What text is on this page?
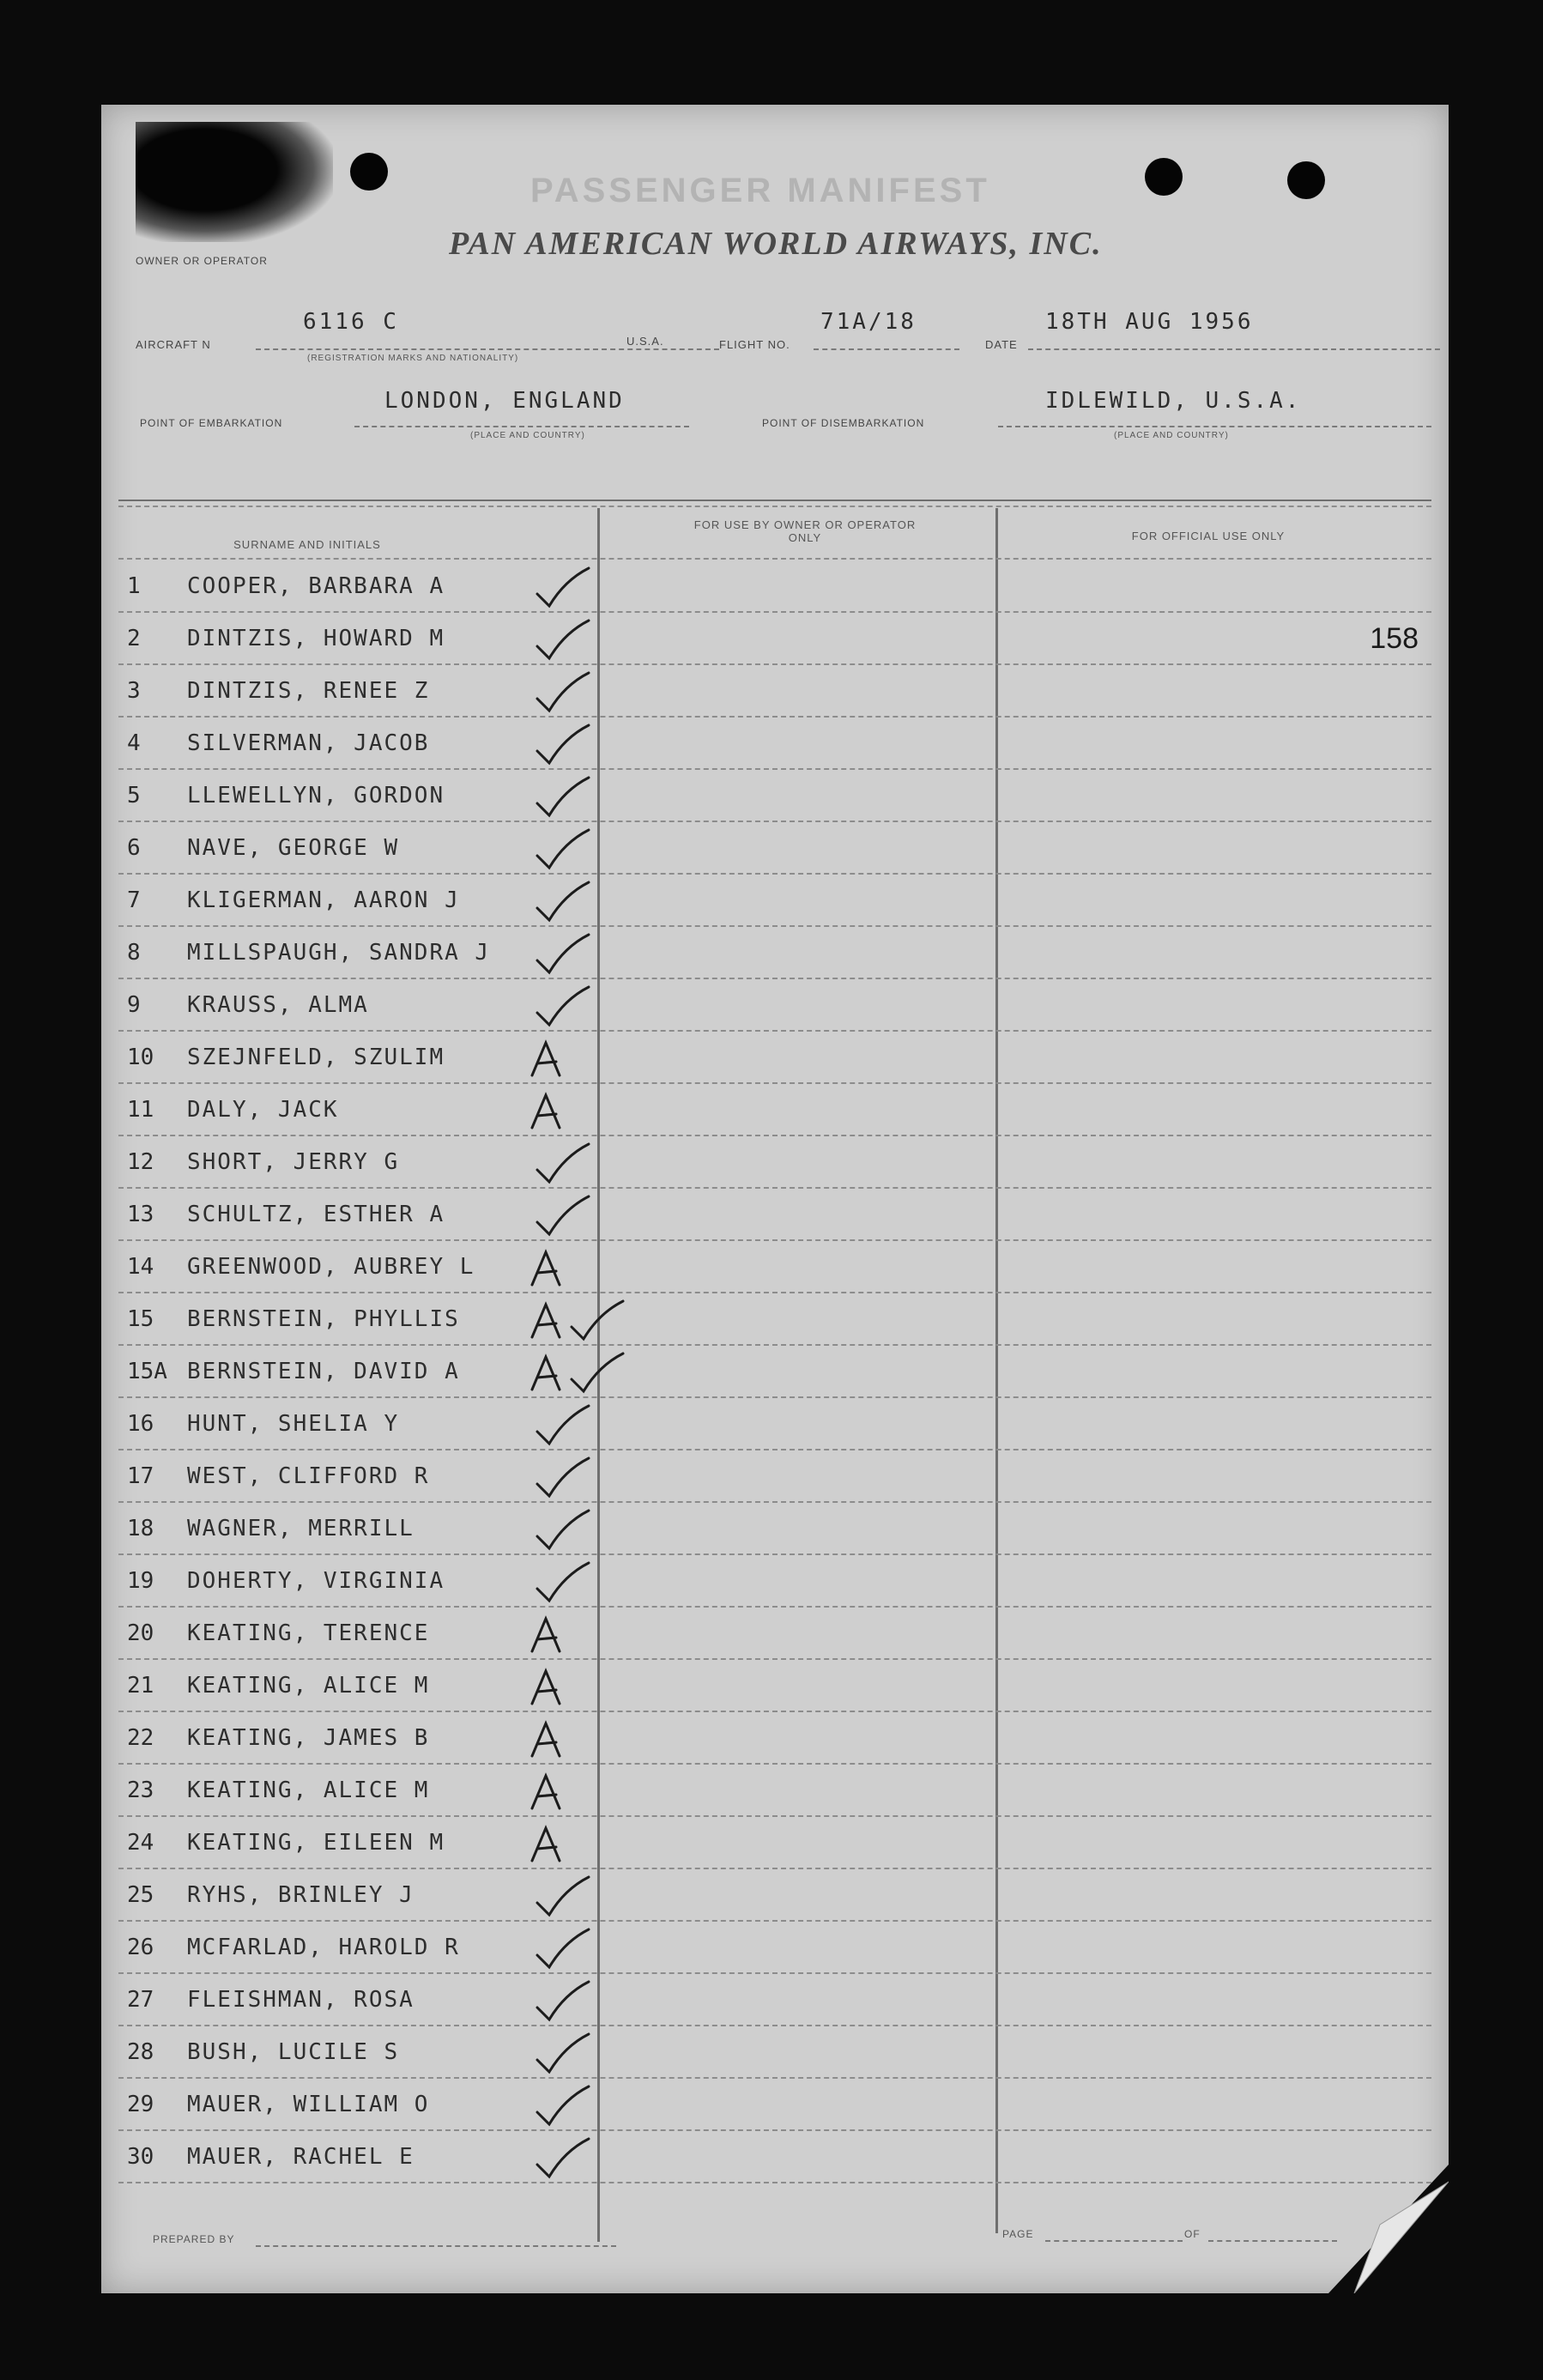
PASSENGER MANIFEST
OWNER OR OPERATOR	PAN AMERICAN WORLD AIRWAYS, INC.
AIRCRAFT N
6116 C
(REGISTRATION MARKS AND NATIONALITY)
U.S.A.	FLIGHT NO.
71A/18
DATE
18TH AUG 1956
POINT OF EMBARKATION
LONDON, ENGLAND
(PLACE AND COUNTRY)
POINT OF DISEMBARKATION
IDLEWILD, U.S.A.
(PLACE AND COUNTRY)
SURNAME AND INITIALS
FOR USE BY OWNER OR OPERATOR ONLY	FOR OFFICIAL USE ONLY
1	COOPER, BARBARA A
2	DINTZIS, HOWARD M	158
3	DINTZIS, RENEE Z
4	SILVERMAN, JACOB
5	LLEWELLYN, GORDON
6	NAVE, GEORGE W
7	KLIGERMAN, AARON J
8	MILLSPAUGH, SANDRA J
9	KRAUSS, ALMA
10	SZEJNFELD, SZULIM
11	DALY, JACK
12	SHORT, JERRY G
13	SCHULTZ, ESTHER A
14	GREENWOOD, AUBREY L
15	BERNSTEIN, PHYLLIS
15A BERNSTEIN, DAVID A
16	HUNT, SHELIA Y
17	WEST, CLIFFORD R
18	WAGNER, MERRILL
19	DOHERTY, VIRGINIA
20	KEATING, TERENCE
21	KEATING, ALICE M
22	KEATING, JAMES B
23	KEATING, ALICE M
24	KEATING, EILEEN M
25	RYHS, BRINLEY J
26	MCFARLAD, HAROLD R
27	FLEISHMAN, ROSA
28	BUSH, LUCILE S
29	MAUER, WILLIAM O
30	MAUER, RACHEL E
PREPARED BY	PAGE	OF
